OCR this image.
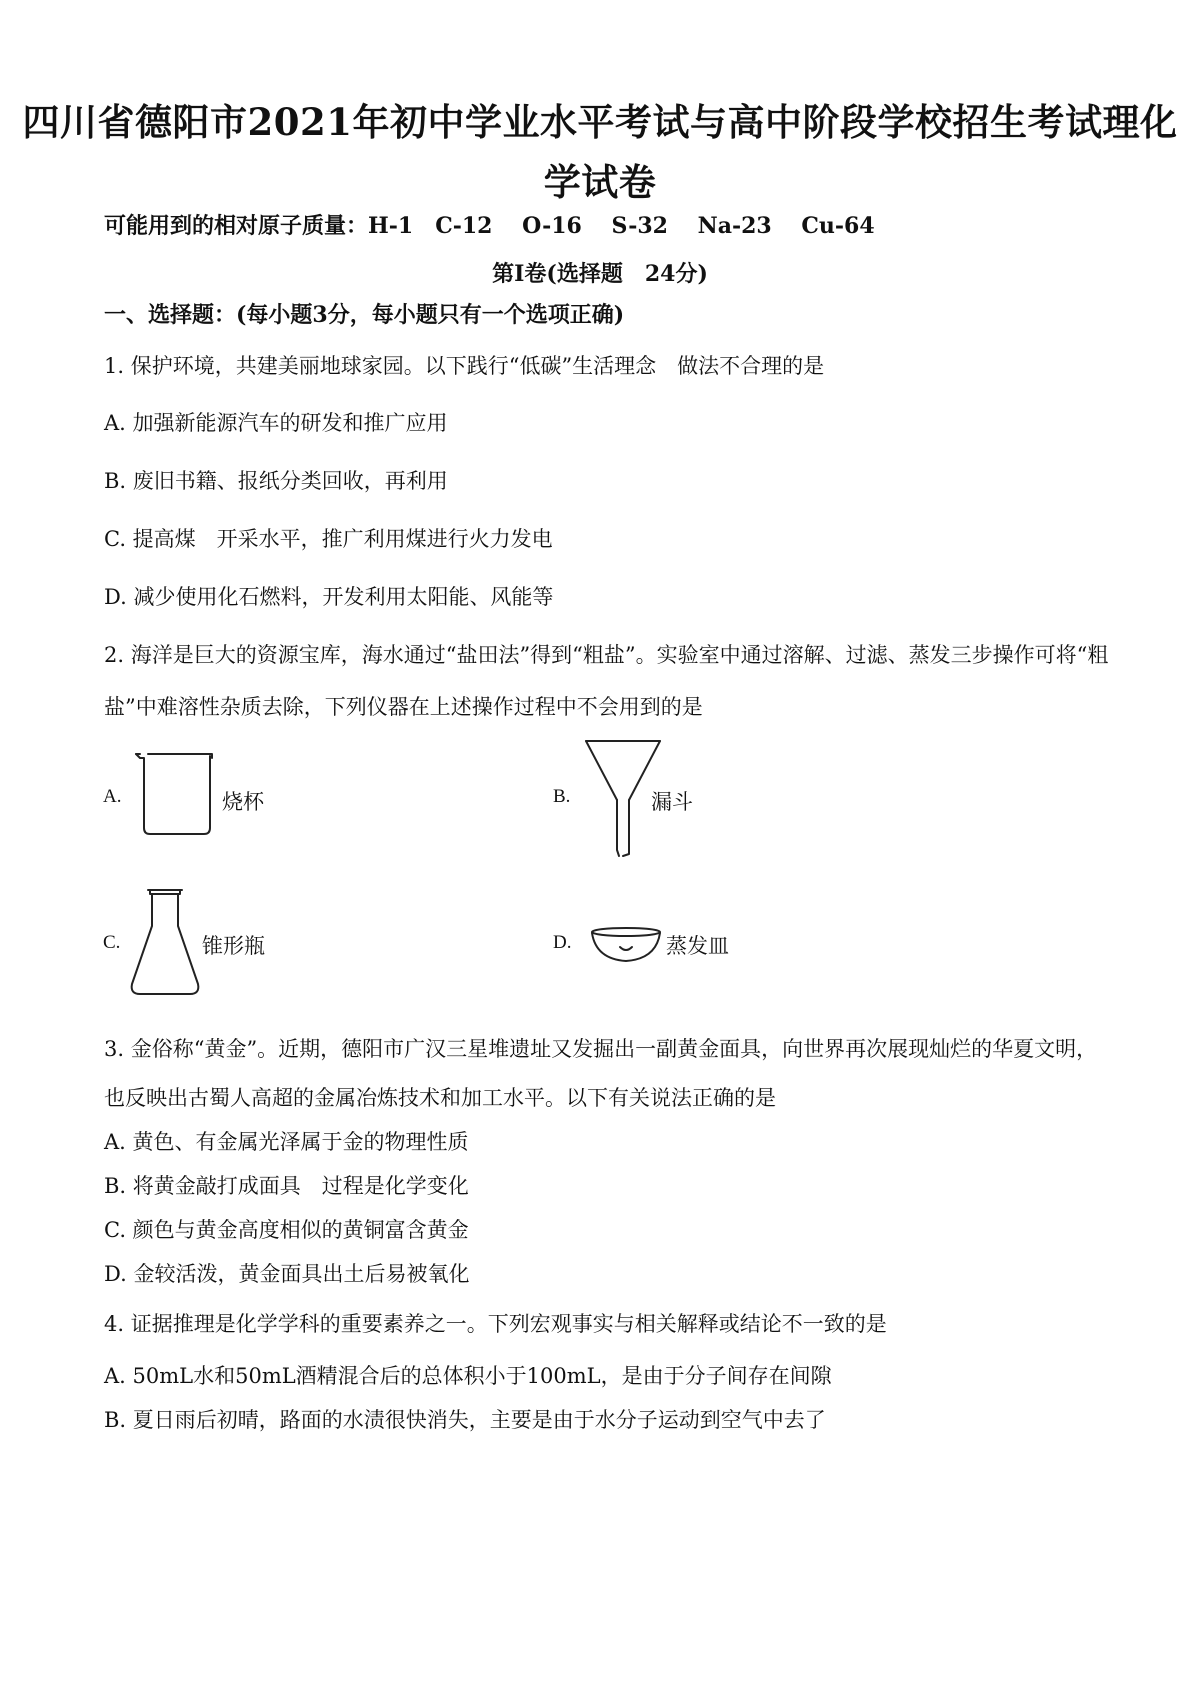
四川省德阳市2021年初中学业水平考试与高中阶段学校招生考试理化
学试卷
可能用到的相对原子质量：H-1　C-12　 O-16　 S-32　 Na-23　 Cu-64
第Ⅰ卷(选择题　24分)
一、选择题：(每小题3分，每小题只有一个选项正确)
1. 保护环境，共建美丽地球家园。以下践行“低碳”生活理念　做法不合理的是
A. 加强新能源汽车的研发和推广应用
B. 废旧书籍、报纸分类回收，再利用
C. 提高煤　开采水平，推广利用煤进行火力发电
D. 减少使用化石燃料，开发利用太阳能、风能等
2. 海洋是巨大的资源宝库，海水通过“盐田法”得到“粗盐”。实验室中通过溶解、过滤、蒸发三步操作可将“粗
盐”中难溶性杂质去除，下列仪器在上述操作过程中不会用到的是
A.	烧杯	B.	漏斗
C.	锥形瓶	D.	蒸发皿
3. 金俗称“黄金”。近期，德阳市广汉三星堆遗址又发掘出一副黄金面具，向世界再次展现灿烂的华夏文明，
也反映出古蜀人高超的金属冶炼技术和加工水平。以下有关说法正确的是
A. 黄色、有金属光泽属于金的物理性质
B. 将黄金敲打成面具　过程是化学变化
C. 颜色与黄金高度相似的黄铜富含黄金
D. 金较活泼，黄金面具出土后易被氧化
4. 证据推理是化学学科的重要素养之一。下列宏观事实与相关解释或结论不一致的是
A. 50mL水和50mL酒精混合后的总体积小于100mL，是由于分子间存在间隙
B. 夏日雨后初晴，路面的水渍很快消失，主要是由于水分子运动到空气中去了
